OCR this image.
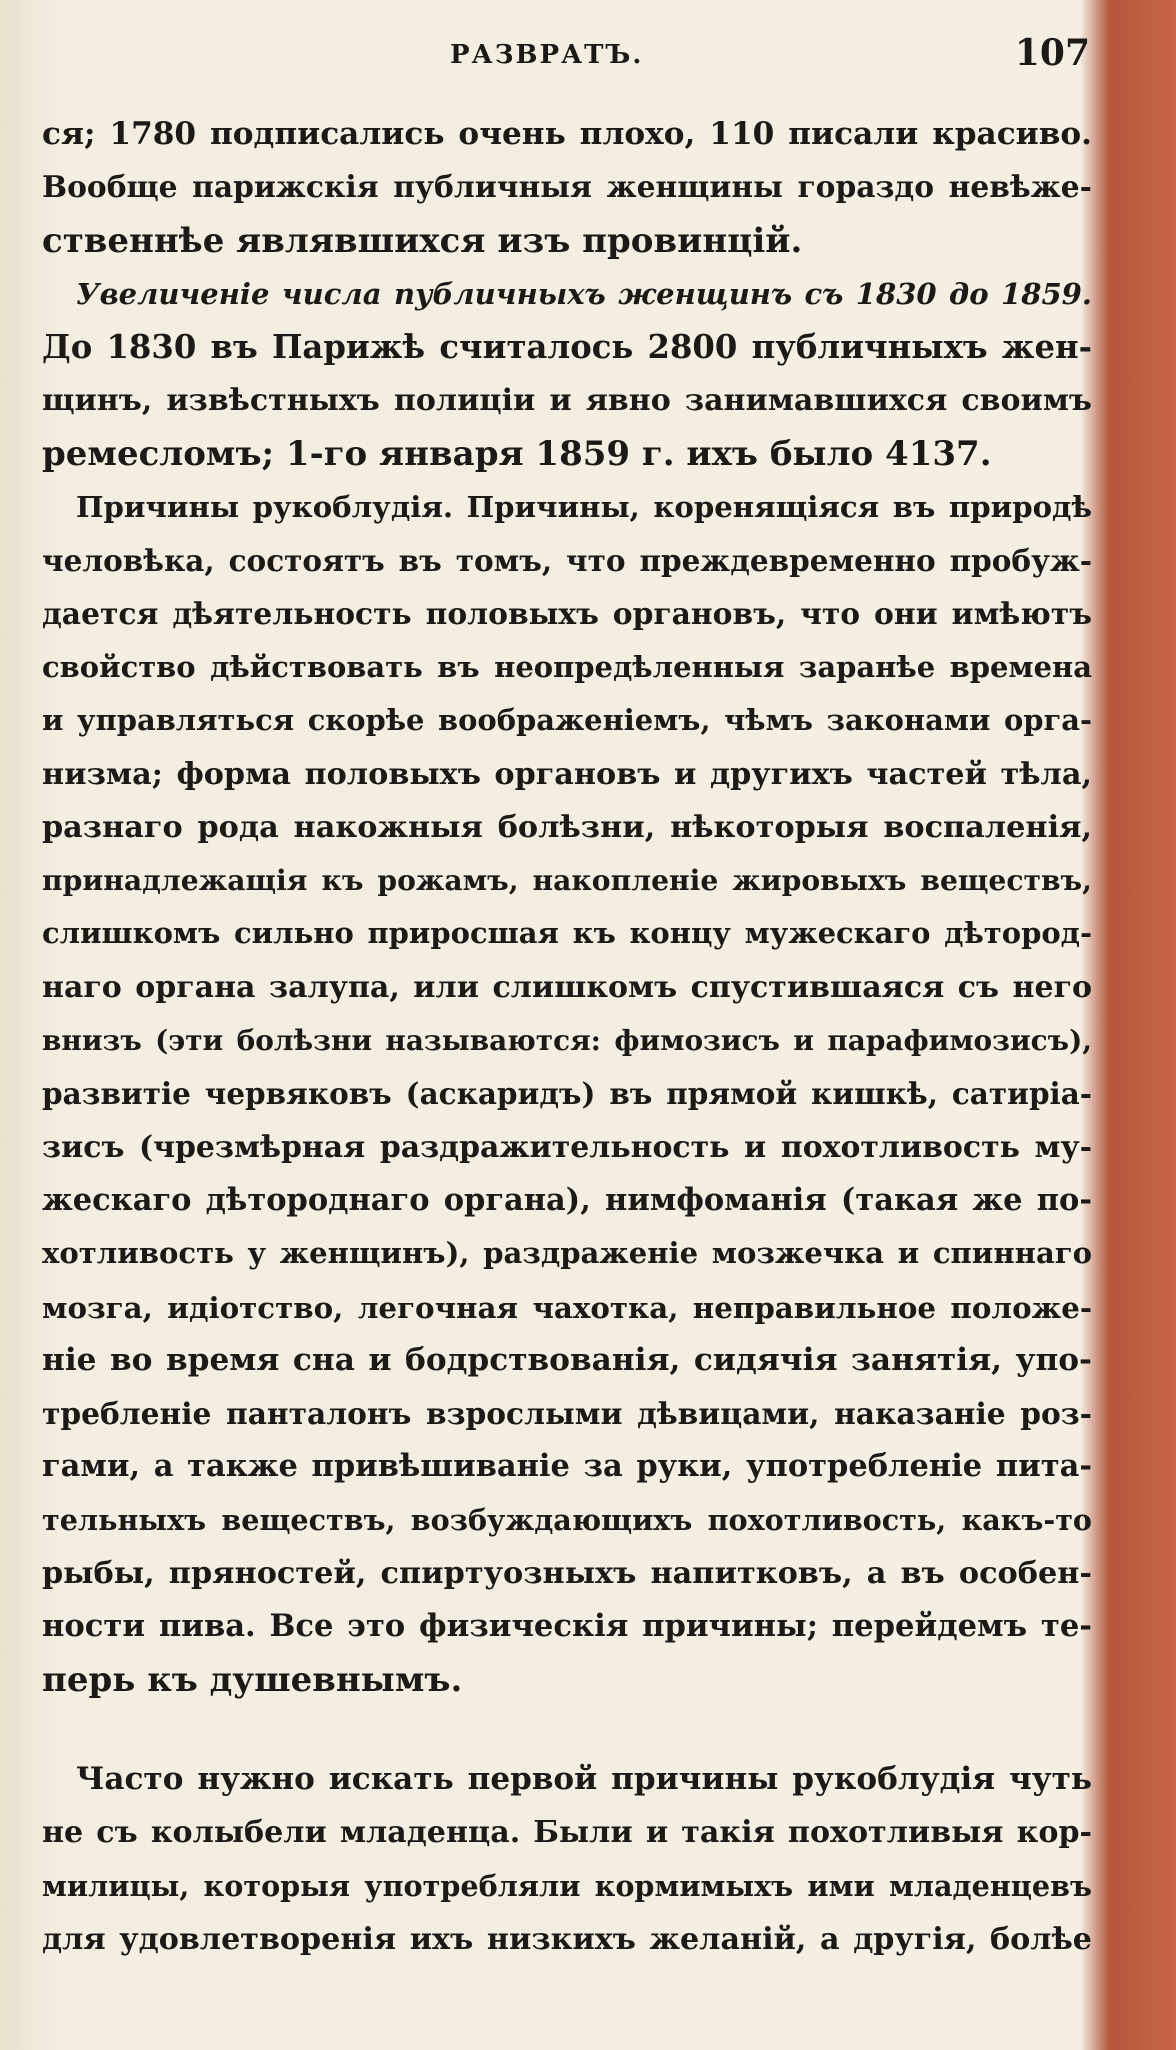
РАЗВРАТЪ.	107
ся; 1780 подписались очень плохо, 110 писали красиво.
Вообще парижскія публичныя женщины гораздо невѣже-
ственнѣе являвшихся изъ провинцій.
Увеличеніе числа публичныхъ женщинъ съ 1830 до 1859.
До 1830 въ Парижѣ считалось 2800 публичныхъ жен-
щинъ, извѣстныхъ полиціи и явно занимавшихся своимъ
ремесломъ; 1-го января 1859 г. ихъ было 4137.
Причины рукоблудія. Причины, коренящіяся въ природѣ
человѣка, состоятъ въ томъ, что преждевременно пробуж-
дается дѣятельность половыхъ органовъ, что они имѣютъ
свойство дѣйствовать въ неопредѣленныя заранѣе времена
и управляться скорѣе воображеніемъ, чѣмъ законами орга-
низма; форма половыхъ органовъ и другихъ частей тѣла,
разнаго рода накожныя болѣзни, нѣкоторыя воспаленія,
принадлежащія къ рожамъ, накопленіе жировыхъ веществъ,
слишкомъ сильно приросшая къ концу мужескаго дѣтород-
наго органа залупа, или слишкомъ спустившаяся съ него
внизъ (эти болѣзни называются: фимозисъ и парафимозисъ),
развитіе червяковъ (аскаридъ) въ прямой кишкѣ, сатиріа-
зисъ (чрезмѣрная раздражительность и похотливость му-
жескаго дѣтороднаго органа), нимфоманія (такая же по-
хотливость у женщинъ), раздраженіе мозжечка и спиннаго
мозга, идіотство, легочная чахотка, неправильное положе-
ніе во время сна и бодрствованія, сидячія занятія, упо-
требленіе панталонъ взрослыми дѣвицами, наказаніе роз-
гами, а также привѣшиваніе за руки, употребленіе пита-
тельныхъ веществъ, возбуждающихъ похотливость, какъ-то
рыбы, пряностей, спиртуозныхъ напитковъ, а въ особен-
ности пива. Все это физическія причины; перейдемъ те-
перь къ душевнымъ.
Часто нужно искать первой причины рукоблудія чуть
не съ колыбели младенца. Были и такія похотливыя кор-
милицы, которыя употребляли кормимыхъ ими младенцевъ
для удовлетворенія ихъ низкихъ желаній, а другія, болѣе
